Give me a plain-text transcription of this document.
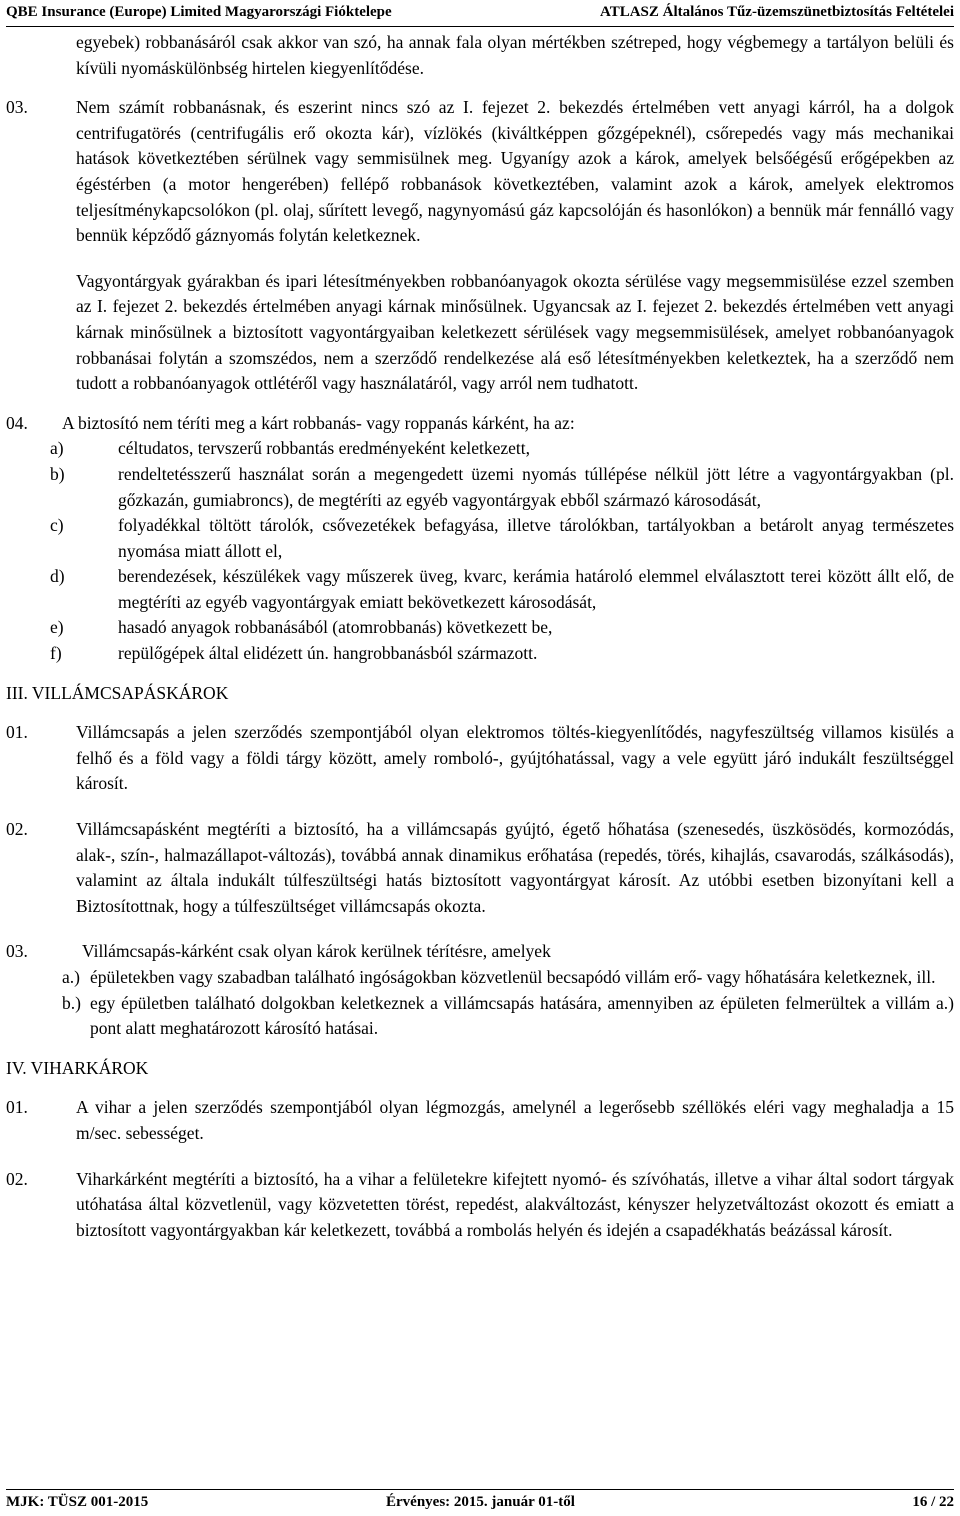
QBE Insurance (Europe) Limited Magyarországi Fióktelepe	ATLASZ Általános Tűz-üzemszünetbiztosítás Feltételei

egyebek) robbanásáról csak akkor van szó, ha annak fala olyan mértékben szétreped, hogy végbemegy a tartályon belüli és kívüli nyomáskülönbség hirtelen kiegyenlítődése.

03.	Nem számít robbanásnak, és eszerint nincs szó az I. fejezet 2. bekezdés értelmében vett anyagi kárról, ha a dolgok centrifugatörés (centrifugális erő okozta kár), vízlökés (kiváltképpen gőzgépeknél), csőrepedés vagy más mechanikai hatások következtében sérülnek vagy semmisülnek meg. Ugyanígy azok a károk, amelyek belsőégésű erőgépekben az égéstérben (a motor hengerében) fellépő robbanások következtében, valamint azok a károk, amelyek elektromos teljesítménykapcsolókon (pl. olaj, sűrített levegő, nagynyomású gáz kapcsolóján és hasonlókon) a bennük már fennálló vagy bennük képződő gáznyomás folytán keletkeznek.

Vagyontárgyak gyárakban és ipari létesítményekben robbanóanyagok okozta sérülése vagy megsemmisülése ezzel szemben az I. fejezet 2. bekezdés értelmében anyagi kárnak minősülnek. Ugyancsak az I. fejezet 2. bekezdés értelmében vett anyagi kárnak minősülnek a biztosított vagyontárgyaiban keletkezett sérülések vagy megsemmisülések, amelyet robbanóanyagok robbanásai folytán a szomszédos, nem a szerződő rendelkezése alá eső létesítményekben keletkeztek, ha a szerződő nem tudott a robbanóanyagok ottlétéről vagy használatáról, vagy arról nem tudhatott.

04. A biztosító nem téríti meg a kárt robbanás- vagy roppanás kárként, ha az:
a)	céltudatos, tervszerű robbantás eredményeként keletkezett,
b)	rendeltetésszerű használat során a megengedett üzemi nyomás túllépése nélkül jött létre a vagyontárgyakban (pl. gőzkazán, gumiabroncs), de megtéríti az egyéb vagyontárgyak ebből származó károsodását,
c)	folyadékkal töltött tárolók, csővezetékek befagyása, illetve tárolókban, tartályokban a betárolt anyag természetes nyomása miatt állott el,
d)	berendezések, készülékek vagy műszerek üveg, kvarc, kerámia határoló elemmel elválasztott terei között állt elő, de megtéríti az egyéb vagyontárgyak emiatt bekövetkezett károsodását,
e)	hasadó anyagok robbanásából (atomrobbanás) következett be,
f)	repülőgépek által elidézett ún. hangrobbanásból származott.

III. VILLÁMCSAPÁSKÁROK

01.	Villámcsapás a jelen szerződés szempontjából olyan elektromos töltés-kiegyenlítődés, nagyfeszültség villamos kisülés a felhő és a föld vagy a földi tárgy között, amely romboló-, gyújtóhatással, vagy a vele együtt járó indukált feszültséggel károsít.
02.	Villámcsapásként megtéríti a biztosító, ha a villámcsapás gyújtó, égető hőhatása (szenesedés, üszkösödés, kormozódás, alak-, szín-, halmazállapot-változás), továbbá annak dinamikus erőhatása (repedés, törés, kihajlás, csavarodás, szálkásodás), valamint az általa indukált túlfeszültségi hatás biztosított vagyontárgyat károsít. Az utóbbi esetben bizonyítani kell a Biztosítottnak, hogy a túlfeszültséget villámcsapás okozta.
03.	Villámcsapás-kárként csak olyan károk kerülnek térítésre, amelyek
a.) épületekben vagy szabadban található ingóságokban közvetlenül becsapódó villám erő- vagy hőhatására keletkeznek, ill.
b.) egy épületben található dolgokban keletkeznek a villámcsapás hatására, amennyiben az épületen felmerültek a villám a.) pont alatt meghatározott károsító hatásai.

IV. VIHARKÁROK

01.	A vihar a jelen szerződés szempontjából olyan légmozgás, amelynél a legerősebb széllökés eléri vagy meghaladja a 15 m/sec. sebességet.
02.	Viharkárként megtéríti a biztosító, ha a vihar a felületekre kifejtett nyomó- és szívóhatás, illetve a vihar által sodort tárgyak utóhatása által közvetlenül, vagy közvetetten törést, repedést, alakváltozást, kényszer helyzetváltozást okozott és emiatt a biztosított vagyontárgyakban kár keletkezett, továbbá a rombolás helyén és idején a csapadékhatás beázással károsít.
MJK: TÜSZ 001-2015	Érvényes: 2015. január 01-től	16 / 22
